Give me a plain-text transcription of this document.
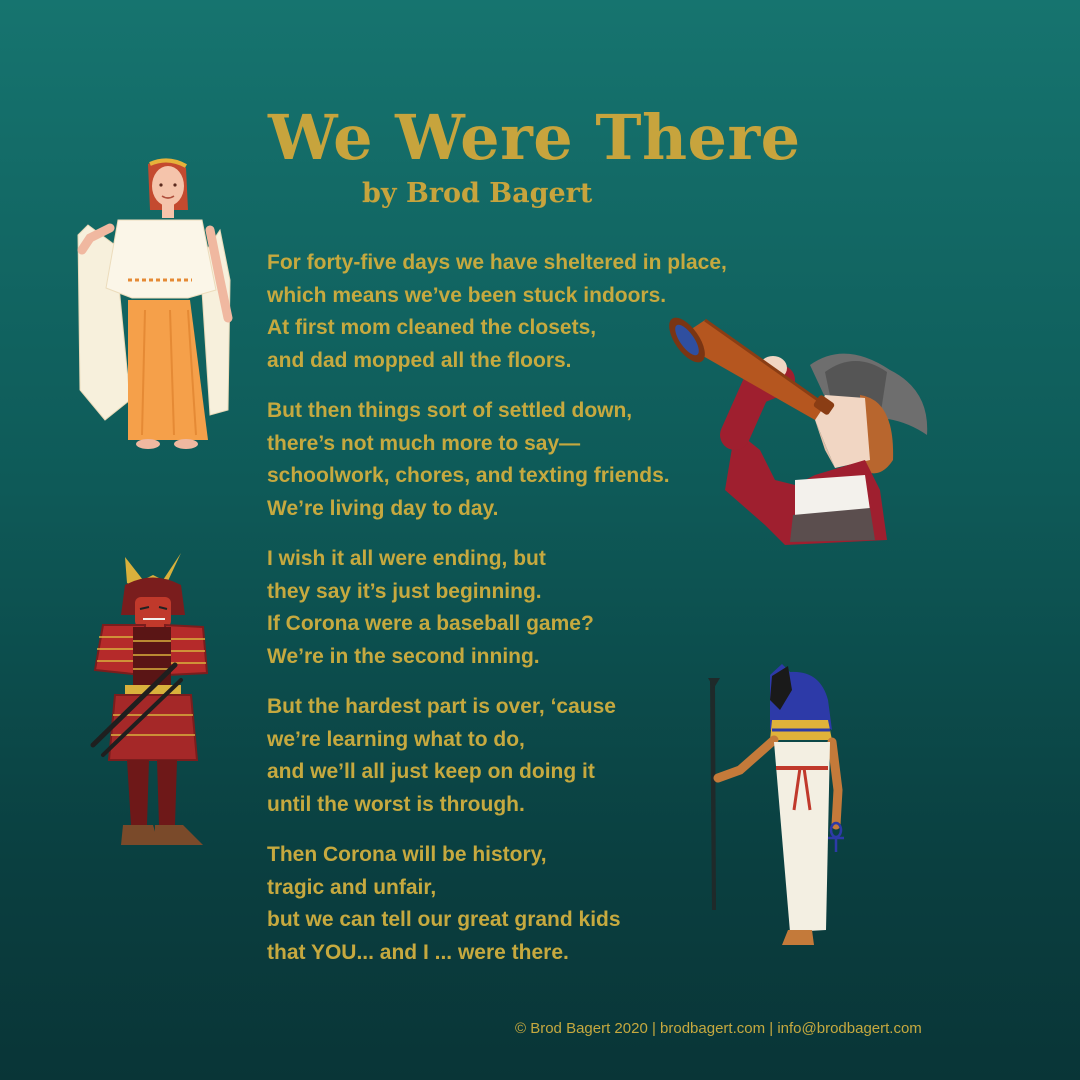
We Were There
by Brod Bagert
For forty-five days we have sheltered in place,
which means we’ve been stuck indoors.
At first mom cleaned the closets,
and dad mopped all the floors.
But then things sort of settled down,
there’s not much more to say—
schoolwork, chores, and texting friends.
We’re living day to day.
I wish it all were ending, but
they say it’s just beginning.
If Corona were a baseball game?
We’re in the second inning.
But the hardest part is over, ‘cause
we’re learning what to do,
and we’ll all just keep on doing it
until the worst is through.
Then Corona will be history,
tragic and unfair,
but we can tell our great grand kids
that YOU... and I ... were there.
© Brod Bagert 2020 | brodbagert.com | info@brodbagert.com
